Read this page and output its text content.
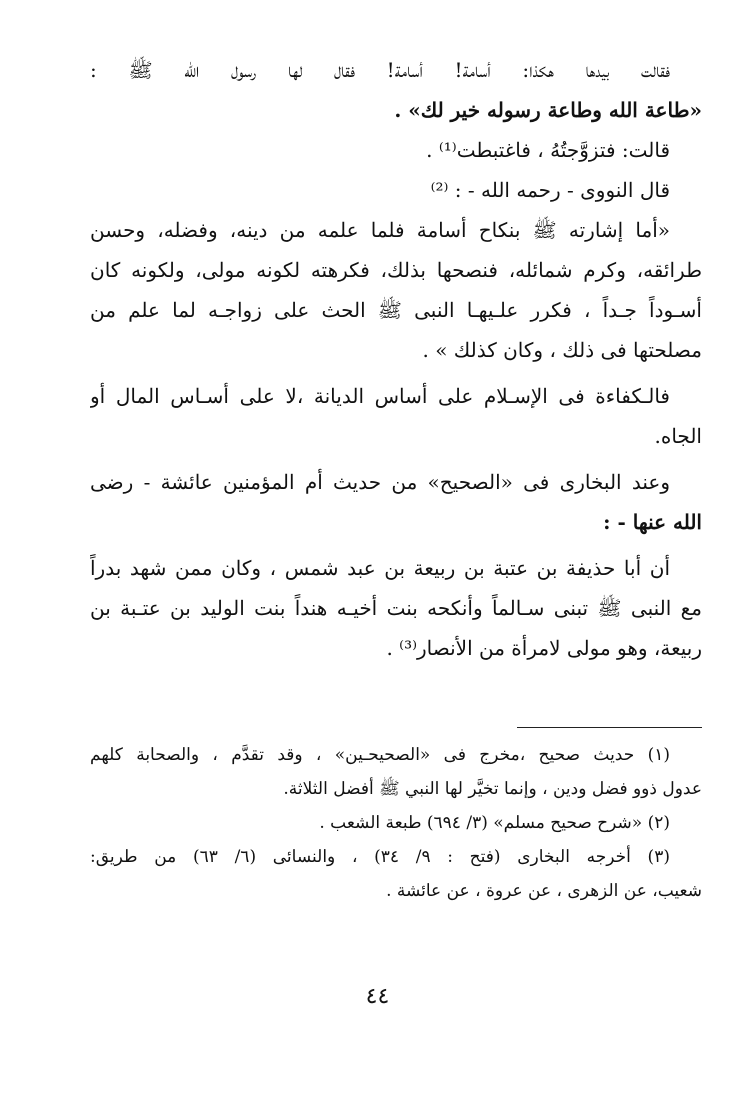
فقالت بيدها هكذا: أسامة! أسامة! فقال لها رسول الله ﷺ :
«طاعة الله وطاعة رسوله خير لك» .
قالت: فتزوَّجتُهُ ، فاغتبطت⁽¹⁾ .
قال النووى - رحمه الله - : ⁽²⁾
«أما إشارته ﷺ بنكاح أسامة فلما علمه من دينه، وفضله، وحسن
طرائقه، وكرم شمائله، فنصحها بذلك، فكرهته لكونه مولى، ولكونه كان
أسـوداً جـداً ، فكرر علـيهـا النبى ﷺ الحث على زواجـه لما علم من
مصلحتها فى ذلك ، وكان كذلك » .
فالـكفاءة فى الإسـلام على أساس الديانة ،لا على أسـاس المال أو
الجاه.
وعند البخارى فى «الصحيح» من حديث أم المؤمنين عائشة - رضى
الله عنها - :
أن أبا حذيفة بن عتبة بن ربيعة بن عبد شمس ، وكان ممن شهد بدراً
مع النبى ﷺ تبنى سـالماً وأنكحه بنت أخيـه هنداً بنت الوليد بن عتـبة بن
ربيعة، وهو مولى لامرأة من الأنصار⁽³⁾ .
(١) حديث صحيح ،مخرج فى «الصحيحـين» ، وقد تقدَّم ، والصحابة كلهم
عدول ذوو فضل ودين ، وإنما تخيَّر لها النبي ﷺ أفضل الثلاثة.
(٢) «شرح صحيح مسلم» (٣/ ٦٩٤) طبعة الشعب .
(٣) أخرجه البخارى (فتح : ٩/ ٣٤) ، والنسائى (٦/ ٦٣) من طريق:
شعيب، عن الزهرى ، عن عروة ، عن عائشة .
٤٤
